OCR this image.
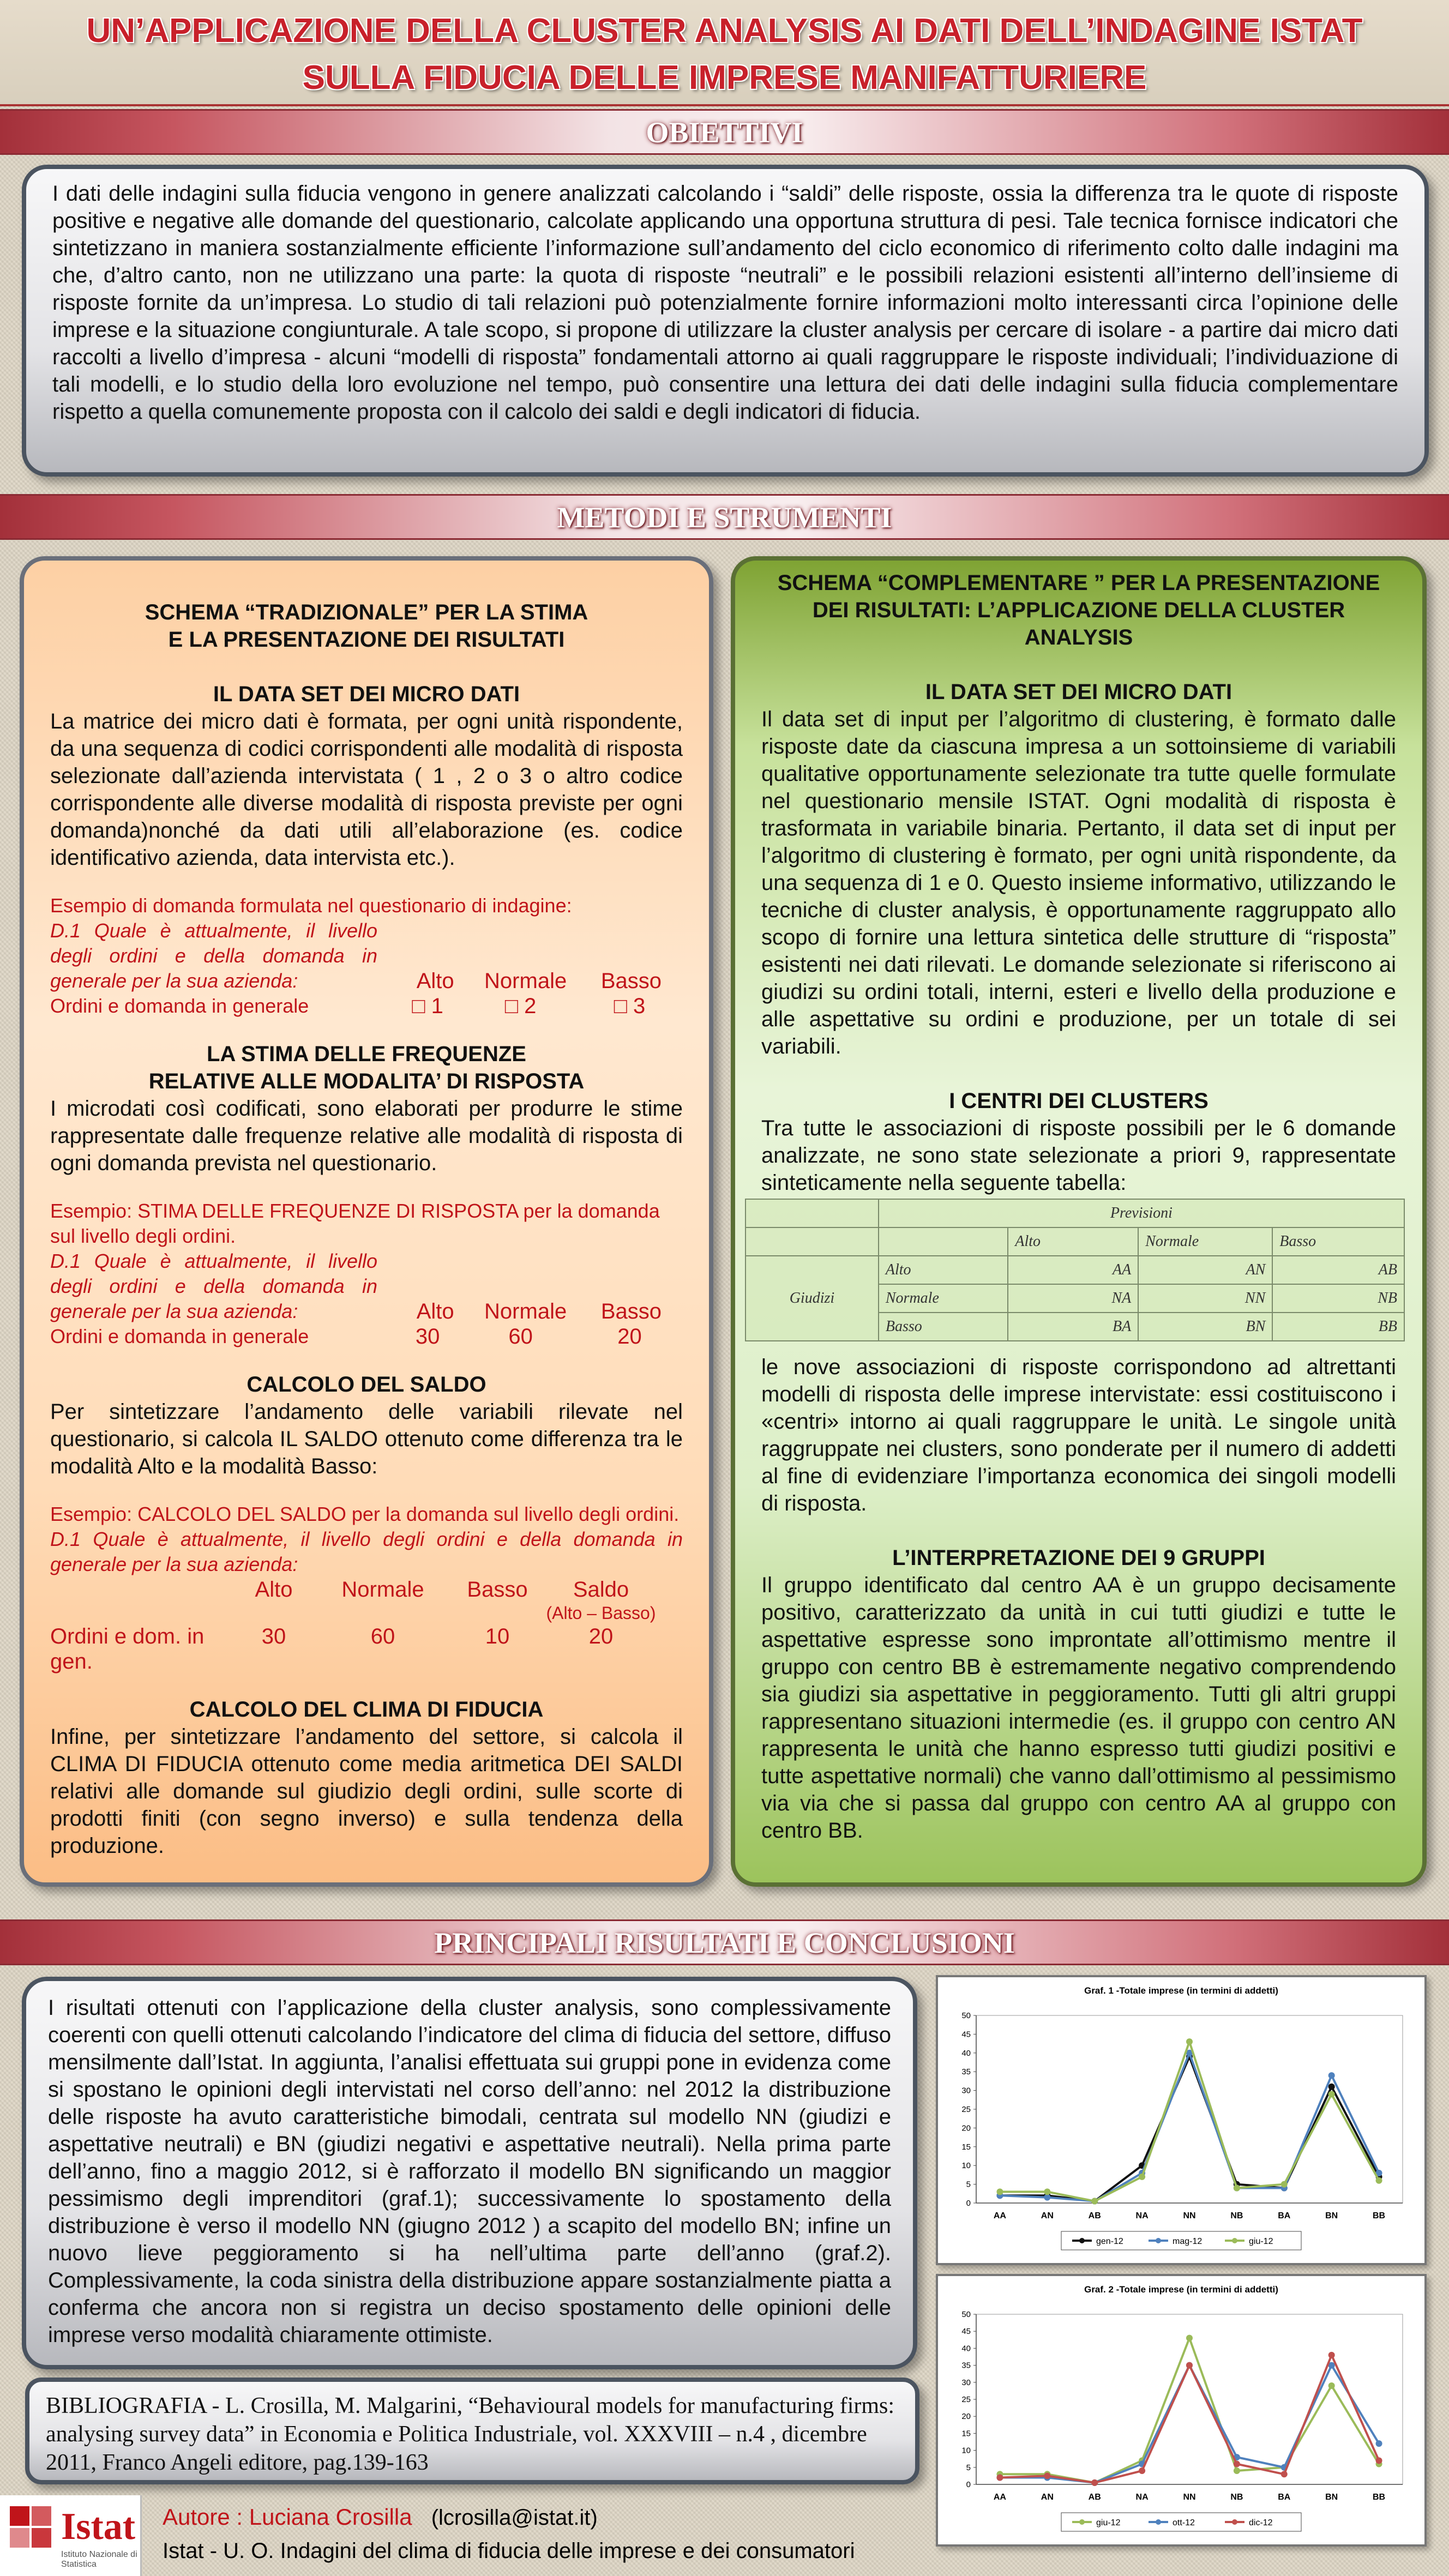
UN’APPLICAZIONE DELLA CLUSTER ANALYSIS AI DATI DELL’INDAGINE ISTAT
SULLA FIDUCIA DELLE IMPRESE MANIFATTURIERE
OBIETTIVI

I dati delle indagini sulla fiducia vengono in genere analizzati calcolando i “saldi” delle risposte, ossia la differenza tra le quote di risposte positive e negative alle domande del questionario, calcolate applicando una opportuna struttura di pesi. Tale tecnica fornisce indicatori che sintetizzano in maniera sostanzialmente efficiente l’informazione sull’andamento del ciclo economico di riferimento colto dalle indagini ma che, d’altro canto, non ne utilizzano una parte: la quota di risposte “neutrali” e le possibili relazioni esistenti all’interno dell’insieme di risposte fornite da un’impresa. Lo studio di tali relazioni può potenzialmente fornire informazioni molto interessanti circa l’opinione delle imprese e la situazione congiunturale. A tale scopo, si propone di utilizzare la cluster analysis per cercare di isolare - a partire dai micro dati raccolti a livello d’impresa - alcuni “modelli di risposta” fondamentali attorno ai quali raggruppare le risposte individuali; l’individuazione di tali modelli, e lo studio della loro evoluzione nel tempo, può consentire una lettura dei dati delle indagini sulla fiducia complementare rispetto a quella comunemente proposta con il calcolo dei saldi e degli indicatori di fiducia.

METODI E STRUMENTI
SCHEMA “TRADIZIONALE” PER LA STIMA
E LA PRESENTAZIONE DEI RISULTATI
IL DATA SET DEI MICRO DATI

La matrice dei micro dati è formata, per ogni unità rispondente, da una sequenza di codici corrispondenti alle modalità di risposta selezionate dall’azienda intervistata ( 1 , 2 o 3 o altro codice corrispondente alle diverse modalità di risposta previste per ogni domanda)nonché da dati utili all’elaborazione (es. codice identificativo azienda, data intervista etc.).

Esempio di domanda formulata nel questionario di indagine:

D.1 Quale è attualmente, il livello degli ordini e della domanda in generale per la sua azienda:	Alto	Normale	Basso
Ordini e domanda in generale	□ 1	□ 2	□ 3
LA STIMA DELLE FREQUENZE
RELATIVE ALLE MODALITA’ DI RISPOSTA

I microdati così codificati, sono elaborati per produrre le stime rappresentate dalle frequenze relative alle modalità di risposta di ogni domanda prevista nel questionario.

Esempio: STIMA DELLE FREQUENZE DI RISPOSTA per la domanda sul livello degli ordini.

D.1 Quale è attualmente, il livello degli ordini e della domanda in generale per la sua azienda:	Alto	Normale	Basso
Ordini e domanda in generale	30	60	20
CALCOLO DEL SALDO

Per sintetizzare l’andamento delle variabili rilevate nel questionario, si calcola IL SALDO ottenuto come differenza tra le modalità Alto e la modalità Basso:

Esempio: CALCOLO DEL SALDO per la domanda sul livello degli ordini.

D.1 Quale è attualmente, il livello degli ordini e della domanda in generale per la sua azienda:

Alto	Normale	Basso	Saldo
(Alto – Basso)
Ordini e dom. in gen.
30	60	10	20
CALCOLO DEL CLIMA DI FIDUCIA

Infine, per sintetizzare l’andamento del settore, si calcola il CLIMA DI FIDUCIA ottenuto come media aritmetica DEI SALDI relativi alle domande sul giudizio degli ordini, sulle scorte di prodotti finiti (con segno inverso) e sulla tendenza della produzione.

SCHEMA “COMPLEMENTARE ” PER LA PRESENTAZIONE
DEI RISULTATI: L’APPLICAZIONE DELLA CLUSTER
ANALYSIS
IL DATA SET DEI MICRO DATI

Il data set di input per l’algoritmo di clustering, è formato dalle risposte date da ciascuna impresa a un sottoinsieme di variabili qualitative opportunamente selezionate tra tutte quelle formulate nel questionario mensile ISTAT. Ogni modalità di risposta è trasformata in variabile binaria. Pertanto, il data set di input per l’algoritmo di clustering è formato, per ogni unità rispondente, da una sequenza di 1 e 0. Questo insieme informativo, utilizzando le tecniche di cluster analysis, è opportunamente raggruppato allo scopo di fornire una lettura sintetica delle strutture di “risposta” esistenti nei dati rilevati. Le domande selezionate si riferiscono ai giudizi su ordini totali, interni, esteri e livello della produzione e alle aspettative su ordini e produzione, per un totale di sei variabili.

I CENTRI DEI CLUSTERS

Tra tutte le associazioni di risposte possibili per le 6 domande analizzate, ne sono state selezionate a priori 9, rappresentate sinteticamente nella seguente tabella:

	Previsioni			
		Alto	Normale	Basso
Giudizi	Alto	AA	AN	AB
	Normale	NA	NN	NB
	Basso	BA	BN	BB

le nove associazioni di risposte corrispondono ad altrettanti modelli di risposta delle imprese intervistate: essi costituiscono i «centri» intorno ai quali raggruppare le unità. Le singole unità raggruppate nei clusters, sono ponderate per il numero di addetti al fine di evidenziare l’importanza economica dei singoli modelli di risposta.

L’INTERPRETAZIONE DEI 9 GRUPPI

Il gruppo identificato dal centro AA è un gruppo decisamente positivo, caratterizzato da unità in cui tutti giudizi e tutte le aspettative espresse sono improntate all’ottimismo mentre il gruppo con centro BB è estremamente negativo comprendendo sia giudizi sia aspettative in peggioramento. Tutti gli altri gruppi rappresentano situazioni intermedie (es. il gruppo con centro AN rappresenta le unità che hanno espresso tutti giudizi positivi e tutte aspettative normali) che vanno dall’ottimismo al pessimismo via via che si passa dal gruppo con centro AA al gruppo con centro BB.

PRINCIPALI RISULTATI E CONCLUSIONI

I risultati ottenuti con l’applicazione della cluster analysis, sono complessivamente coerenti con quelli ottenuti calcolando l’indicatore del clima di fiducia del settore, diffuso mensilmente dall’Istat. In aggiunta, l’analisi effettuata sui gruppi pone in evidenza come si spostano le opinioni degli intervistati nel corso dell’anno: nel 2012 la distribuzione delle risposte ha avuto caratteristiche bimodali, centrata sul modello NN (giudizi e aspettative neutrali) e BN (giudizi negativi e aspettative neutrali). Nella prima parte dell’anno, fino a maggio 2012, si è rafforzato il modello BN significando un maggior pessimismo degli imprenditori (graf.1); successivamente lo spostamento della distribuzione è verso il modello NN (giugno 2012 ) a scapito del modello BN; infine un nuovo lieve peggioramento si ha nell’ultima parte dell’anno (graf.2). Complessivamente, la coda sinistra della distribuzione appare sostanzialmente piatta a conferma che ancora non si registra un deciso spostamento delle opinioni delle imprese verso modalità chiaramente ottimiste.

BIBLIOGRAFIA - L. Crosilla, M. Malgarini, “Behavioural models for manufacturing firms: analysing survey data” in Economia e Politica Industriale, vol. XXXVIII – n.4 , dicembre 2011, Franco Angeli editore, pag.139-163

Graf. 1 -Totale imprese (in termini di addetti)
0
5
10
15
20
25
30
35
40
45
50
AA	AN	AB	NA	NN	NB	BA	BN	BB
gen-12	mag-12	giu-12
Graf. 2 -Totale imprese (in termini di addetti)
0
5
10
15
20
25
30
35
40
45
50
AA	AN	AB	NA	NN	NB	BA	BN	BB
giu-12	ott-12	dic-12
Istat
Istituto Nazionale di Statistica
Autore : Luciana Crosilla (lcrosilla@istat.it)
Istat - U. O. Indagini del clima di fiducia delle imprese e dei consumatori
